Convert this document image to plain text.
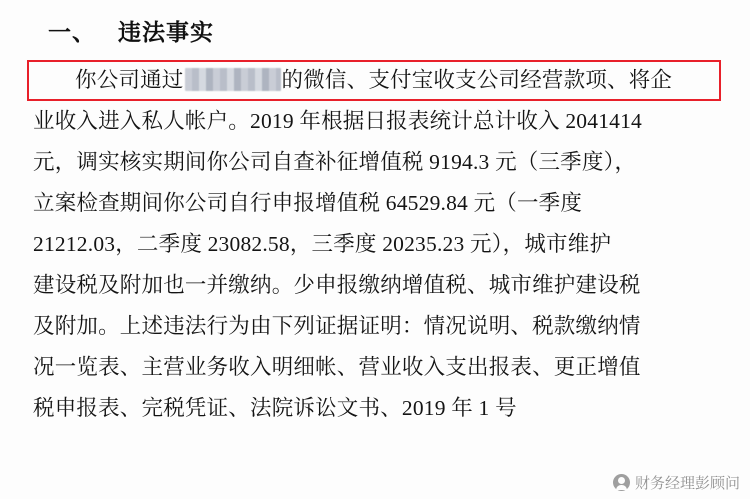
一、 违法事实

你公司通过	的微信、支付宝收支公司经营款项、将企

业收入进入私人帐户。2019 年根据日报表统计总计收入 2041414

元，调实核实期间你公司自查补征增值税 9194.3 元（三季度），

立案检查期间你公司自行申报增值税 64529.84 元（一季度

21212.03，二季度 23082.58，三季度 20235.23 元），城市维护

建设税及附加也一并缴纳。少申报缴纳增值税、城市维护建设税

及附加。上述违法行为由下列证据证明：情况说明、税款缴纳情

况一览表、主营业务收入明细帐、营业收入支出报表、更正增值

税申报表、完税凭证、法院诉讼文书、2019 年 1 号

财务经理彭顾问
